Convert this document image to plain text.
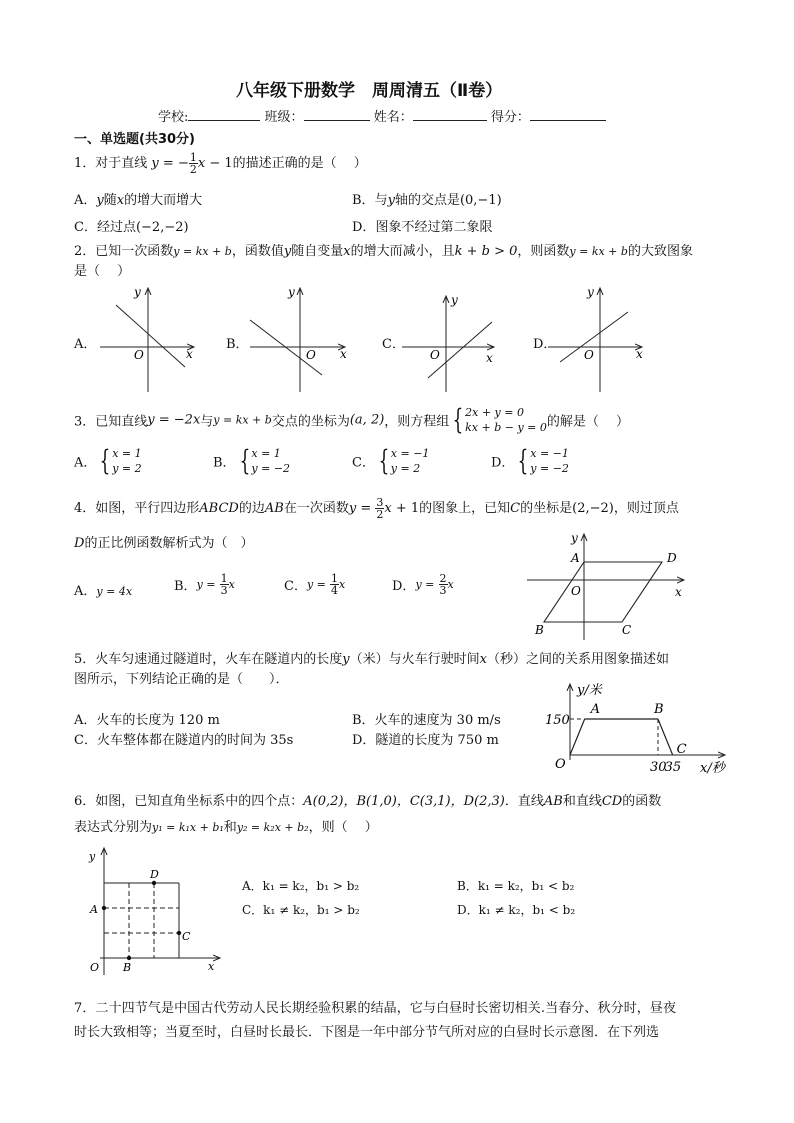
八年级下册数学　周周清五（Ⅱ卷）
学校:	班级：	姓名：	得分：
一、单选题(共30分)
1．对于直线 y = − $\frac{1}{2}$ x − 1的描述正确的是（　 ）
A．y随x的增大而增大	B．与y轴的交点是(0,−1)
C．经过点(−2,−2)	D．图象不经过第二象限
2．已知一次函数y = kx + b，函数值y随自变量x的增大而减小，且k + b > 0，则函数y = kx + b的大致图象
是（　 ）
A．	B．	C．	D．
O	x
y
O x
y
O	x
y
O	x
y
3．已知直线y = −2x与y = kx + b交点的坐标为(a, 2)，则方程组 { 2x + y = 0
kx + b − y = 0的解是（　 ）
A． { x = 1
y = 2	B． { x = 1
y = −2	C． { x = −1
y = 2	D． { x = −1
y = −2
4．如图，平行四边形ABCD的边AB在一次函数$y = \frac{3}{2}$ x + 1的图象上，已知C的坐标是(2,−2)，则过顶点
D的正比例函数解析式为（　）
A．y = 4x	B．$y = \frac{1}{3}$ x	C．$y = \frac{1}{4}$ x	D．$y = \frac{2}{3}$ x
y
A	D
O	x
B	C
5．火车匀速通过隧道时，火车在隧道内的长度y（米）与火车行驶时间x（秒）之间的关系用图象描述如
图所示，下列结论正确的是（　　）．
A．火车的长度为 120 m	B．火车的速度为 30 m/s
C．火车整体都在隧道内的时间为 35s	D．隧道的长度为 750 m
150
30
35
A	B
C
y/米
x/秒
O
6．如图，已知直角坐标系中的四个点：A(0,2)，B(1,0)，C(3,1)，D(2,3)．直线AB和直线CD的函数
表达式分别为y₁ = k₁x + b₁和y₂ = k₂x + b₂，则（　 ）
A．k₁ = k₂，b₁ > b₂	B．k₁ = k₂，b₁ < b₂
C．k₁ ≠ k₂，b₁ > b₂	D．k₁ ≠ k₂，b₁ < b₂
y
A
B
C
D
O	x
7．二十四节气是中国古代劳动人民长期经验积累的结晶，它与白昼时长密切相关.当春分、秋分时，昼夜
时长大致相等；当夏至时，白昼时长最长．下图是一年中部分节气所对应的白昼时长示意图．在下列选
